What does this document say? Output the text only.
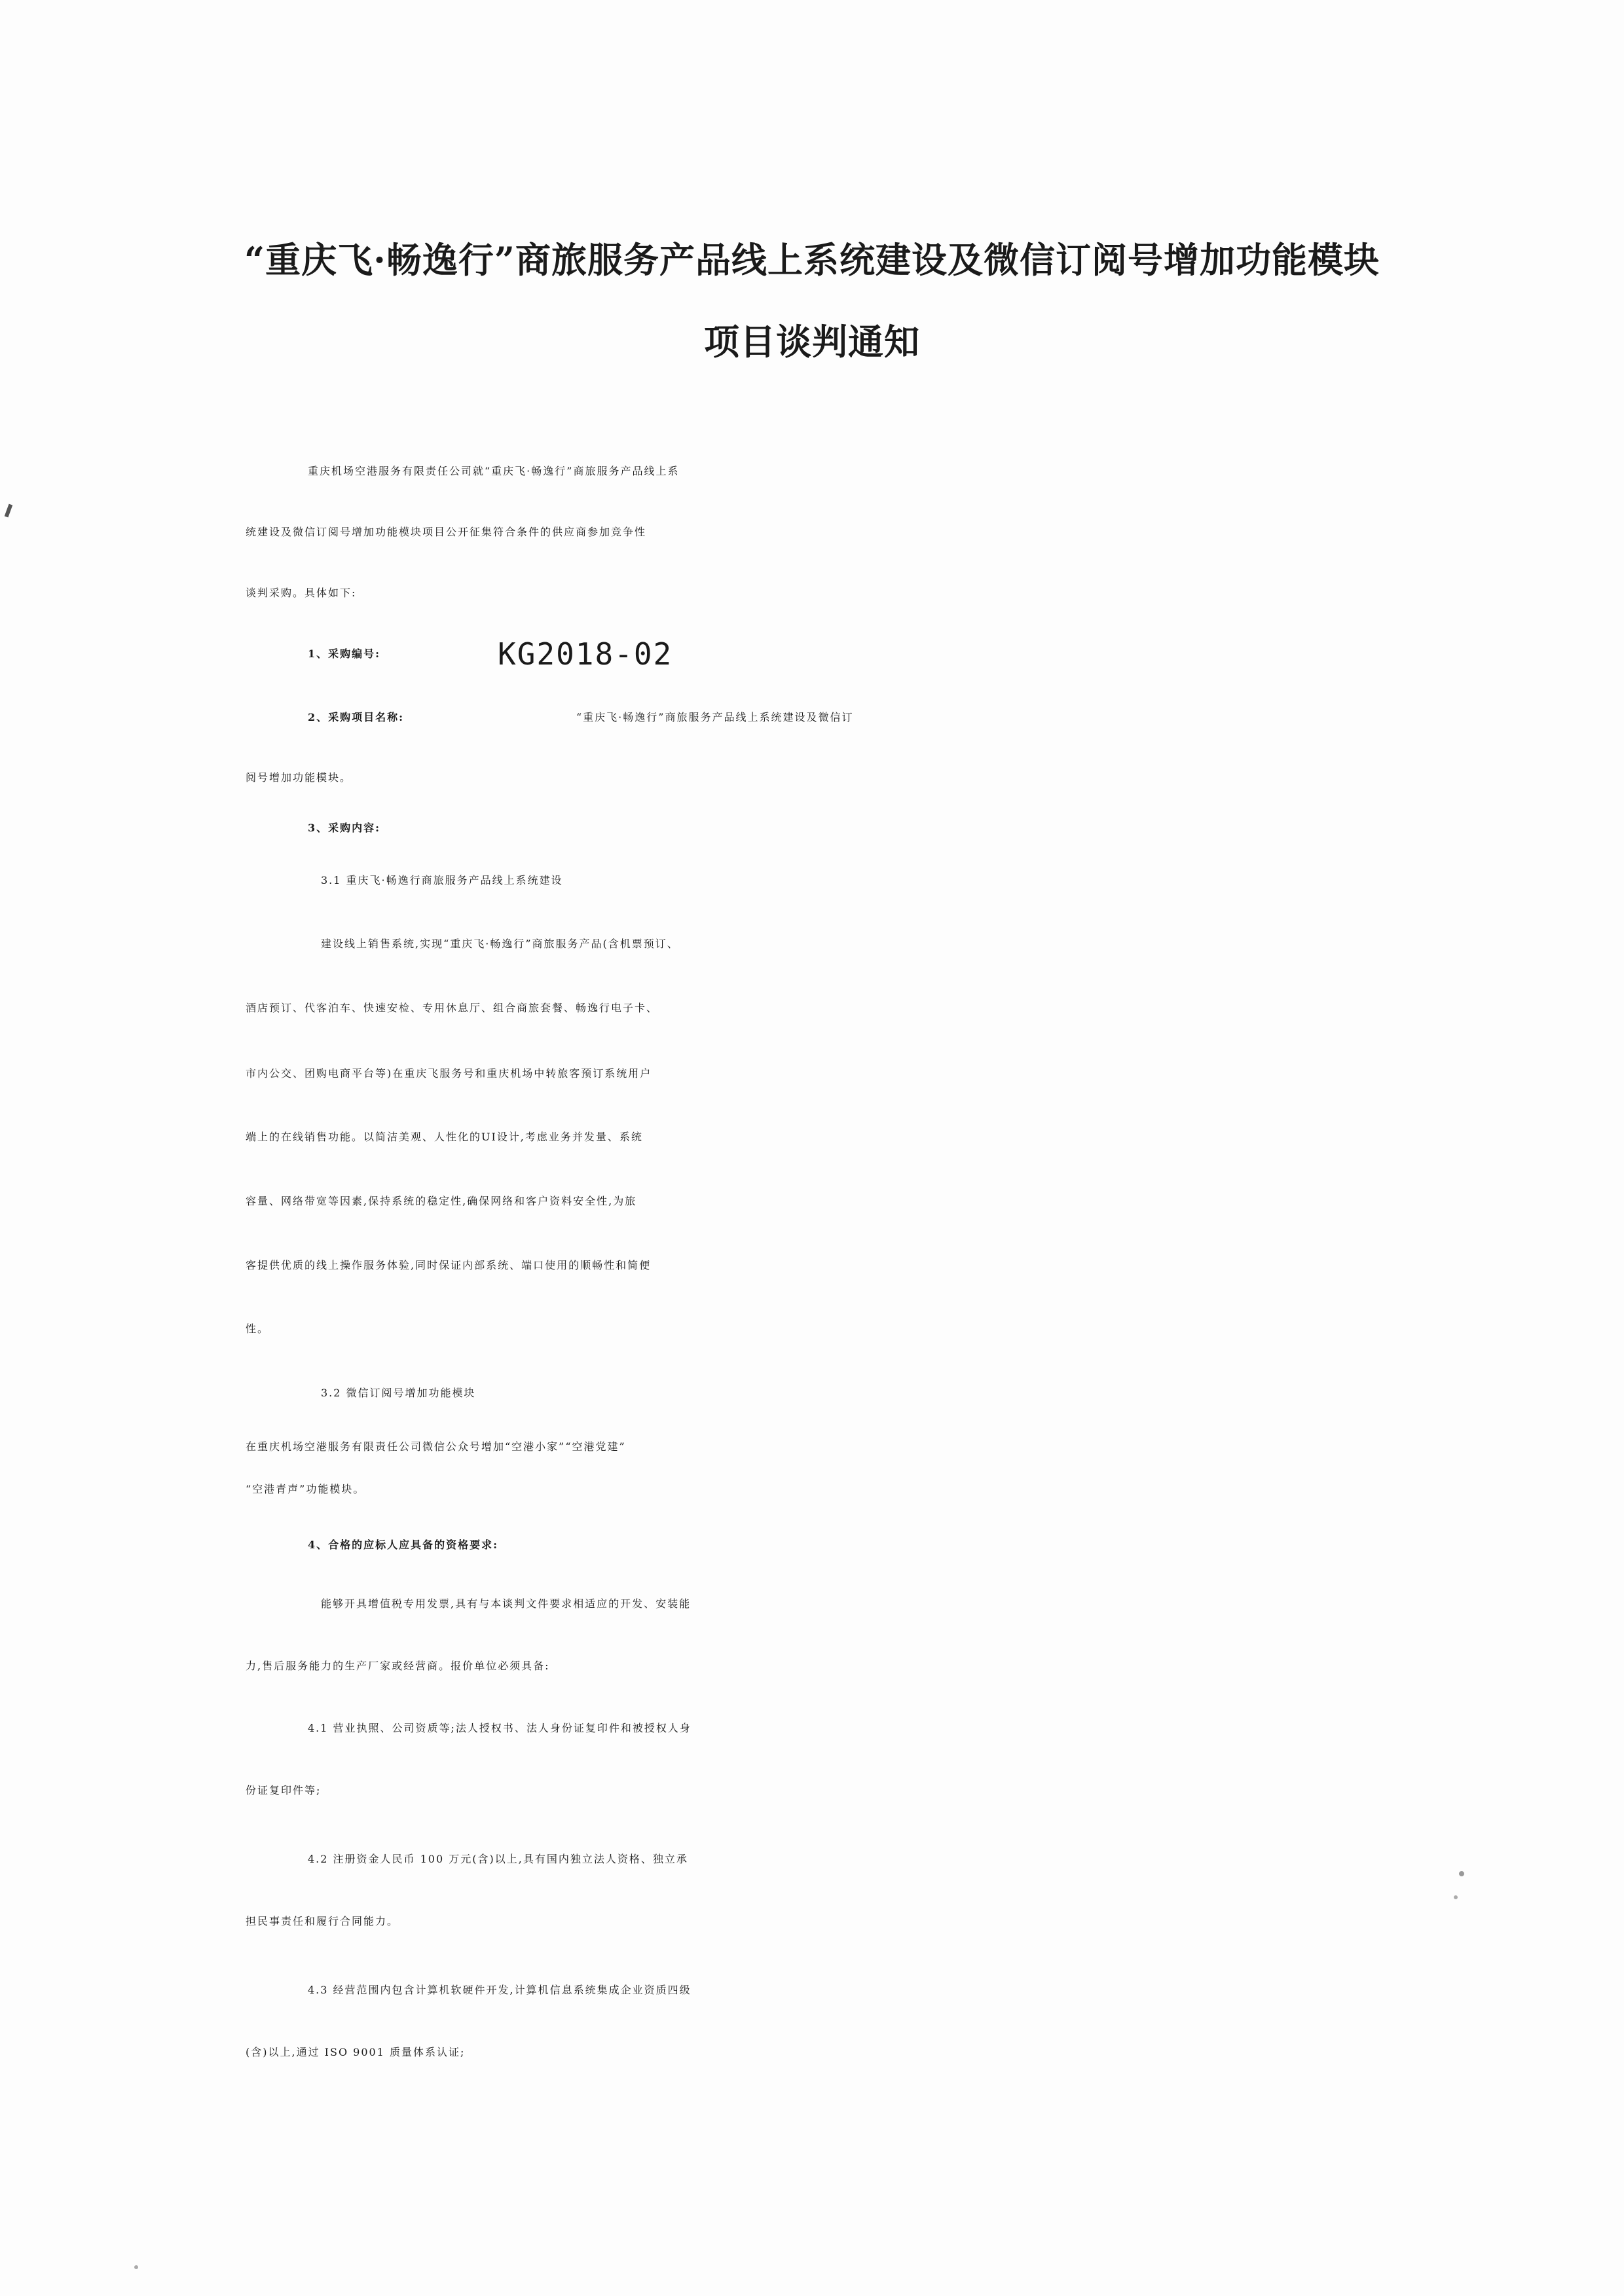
“重庆飞·畅逸行”商旅服务产品线上系统建设及微信订阅号增加功能模块
项目谈判通知
重庆机场空港服务有限责任公司就“重庆飞·畅逸行”商旅服务产品线上系
统建设及微信订阅号增加功能模块项目公开征集符合条件的供应商参加竞争性
谈判采购。具体如下:
1、采购编号:	KG2018-02
2、采购项目名称:	“重庆飞·畅逸行”商旅服务产品线上系统建设及微信订
阅号增加功能模块。
3、采购内容:
3.1 重庆飞·畅逸行商旅服务产品线上系统建设
建设线上销售系统,实现“重庆飞·畅逸行”商旅服务产品(含机票预订、
酒店预订、代客泊车、快速安检、专用休息厅、组合商旅套餐、畅逸行电子卡、
市内公交、团购电商平台等)在重庆飞服务号和重庆机场中转旅客预订系统用户
端上的在线销售功能。以简洁美观、人性化的UI设计,考虑业务并发量、系统
容量、网络带宽等因素,保持系统的稳定性,确保网络和客户资料安全性,为旅
客提供优质的线上操作服务体验,同时保证内部系统、端口使用的顺畅性和简便
性。
3.2 微信订阅号增加功能模块
在重庆机场空港服务有限责任公司微信公众号增加“空港小家”“空港党建”
“空港青声”功能模块。
4、合格的应标人应具备的资格要求:
能够开具增值税专用发票,具有与本谈判文件要求相适应的开发、安装能
力,售后服务能力的生产厂家或经营商。报价单位必须具备:
4.1 营业执照、公司资质等;法人授权书、法人身份证复印件和被授权人身
份证复印件等;
4.2 注册资金人民币 100 万元(含)以上,具有国内独立法人资格、独立承
担民事责任和履行合同能力。
4.3 经营范围内包含计算机软硬件开发,计算机信息系统集成企业资质四级
(含)以上,通过 ISO 9001 质量体系认证;
